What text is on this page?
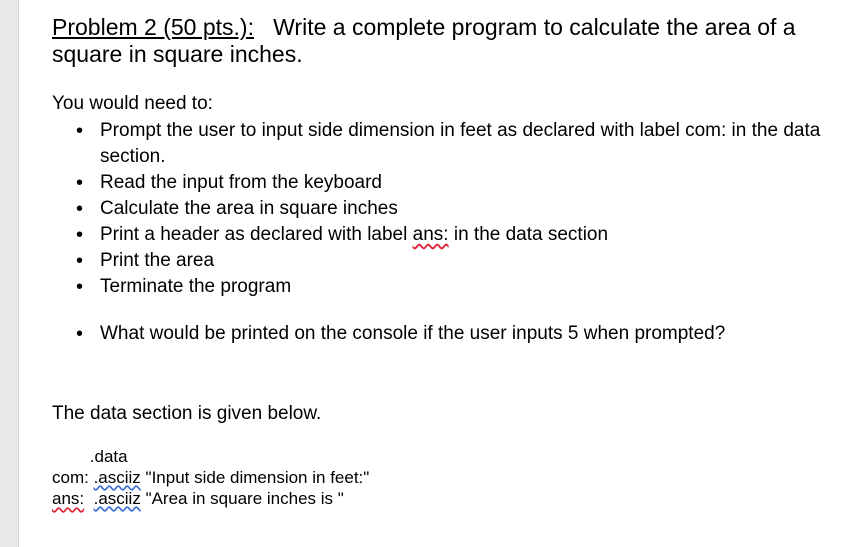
Problem 2 (50 pts.): Write a complete program to calculate the area of a square in square inches.
You would need to:
• Prompt the user to input side dimension in feet as declared with label com: in the data section.
• Read the input from the keyboard
• Calculate the area in square inches
• Print a header as declared with label ans: in the data section
• Print the area
• Terminate the program
• What would be printed on the console if the user inputs 5 when prompted?
The data section is given below.
.data
com: .asciiz "Input side dimension in feet:"
ans: .asciiz "Area in square inches is "
